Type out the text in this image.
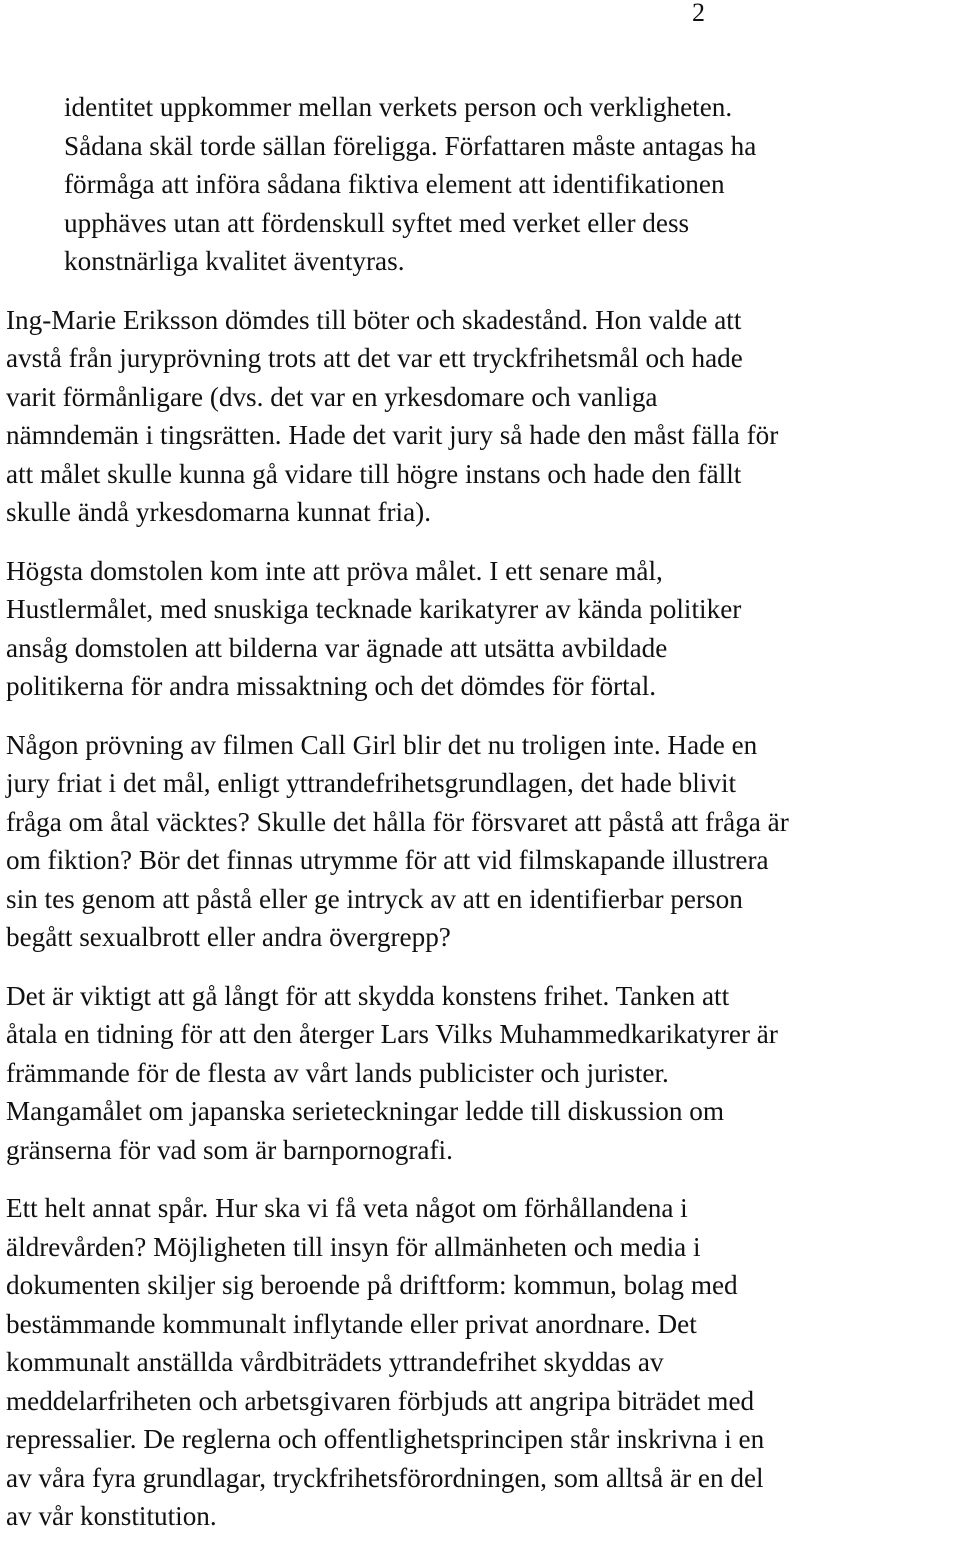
2

identitet uppkommer mellan verkets person och verkligheten.
Sådana skäl torde sällan föreligga. Författaren måste antagas ha
förmåga att införa sådana fiktiva element att identifikationen
upphäves utan att fördenskull syftet med verket eller dess
konstnärliga kvalitet äventyras.

Ing-Marie Eriksson dömdes till böter och skadestånd. Hon valde att
avstå från juryprövning trots att det var ett tryckfrihetsmål och hade
varit förmånligare (dvs. det var en yrkesdomare och vanliga
nämndemän i tingsrätten. Hade det varit jury så hade den måst fälla för
att målet skulle kunna gå vidare till högre instans och hade den fällt
skulle ändå yrkesdomarna kunnat fria).

Högsta domstolen kom inte att pröva målet. I ett senare mål,
Hustlermålet, med snuskiga tecknade karikatyrer av kända politiker
ansåg domstolen att bilderna var ägnade att utsätta avbildade
politikerna för andra missaktning och det dömdes för förtal.

Någon prövning av filmen Call Girl blir det nu troligen inte. Hade en
jury friat i det mål, enligt yttrandefrihetsgrundlagen, det hade blivit
fråga om åtal väcktes? Skulle det hålla för försvaret att påstå att fråga är
om fiktion? Bör det finnas utrymme för att vid filmskapande illustrera
sin tes genom att påstå eller ge intryck av att en identifierbar person
begått sexualbrott eller andra övergrepp?

Det är viktigt att gå långt för att skydda konstens frihet. Tanken att
åtala en tidning för att den återger Lars Vilks Muhammedkarikatyrer är
främmande för de flesta av vårt lands publicister och jurister.
Mangamålet om japanska serieteckningar ledde till diskussion om
gränserna för vad som är barnpornografi.

Ett helt annat spår. Hur ska vi få veta något om förhållandena i
äldrevården? Möjligheten till insyn för allmänheten och media i
dokumenten skiljer sig beroende på driftform: kommun, bolag med
bestämmande kommunalt inflytande eller privat anordnare. Det
kommunalt anställda vårdbiträdets yttrandefrihet skyddas av
meddelarfriheten och arbetsgivaren förbjuds att angripa biträdet med
repressalier. De reglerna och offentlighetsprincipen står inskrivna i en
av våra fyra grundlagar, tryckfrihetsförordningen, som alltså är en del
av vår konstitution.
